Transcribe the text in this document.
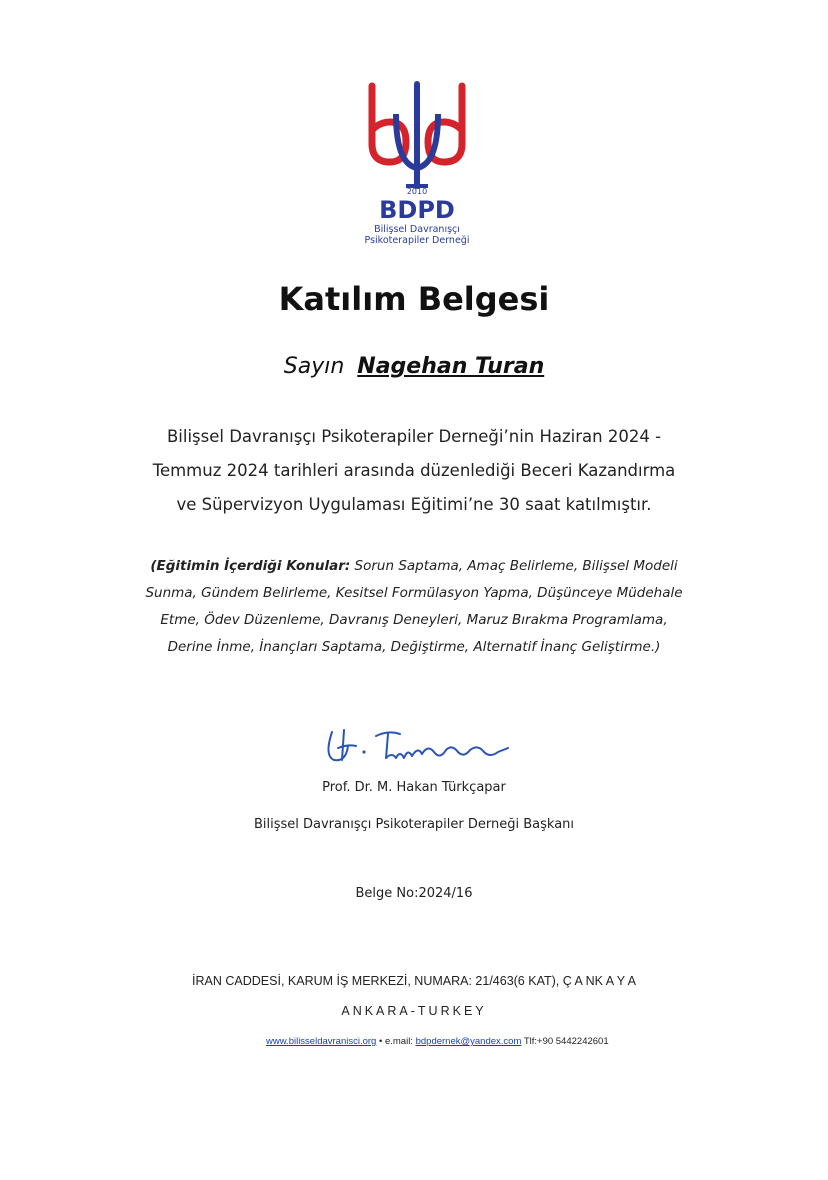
2010
BDPD
Bilişsel Davranışçı
Psikoterapiler Derneği
Katılım Belgesi
Sayın Nagehan Turan
Bilişsel Davranışçı Psikoterapiler Derneği’nin Haziran 2024 -
Temmuz 2024 tarihleri arasında düzenlediği Beceri Kazandırma
ve Süpervizyon Uygulaması Eğitimi’ne 30 saat katılmıştır.
(Eğitimin İçerdiği Konular: Sorun Saptama, Amaç Belirleme, Bilişsel Modeli
Sunma, Gündem Belirleme, Kesitsel Formülasyon Yapma, Düşünceye Müdehale
Etme, Ödev Düzenleme, Davranış Deneyleri, Maruz Bırakma Programlama,
Derine İnme, İnançları Saptama, Değiştirme, Alternatif İnanç Geliştirme.)
Prof. Dr. M. Hakan Türkçapar
Bilişsel Davranışçı Psikoterapiler Derneği Başkanı
Belge No:2024/16
İRAN CADDESİ, KARUM İŞ MERKEZİ, NUMARA: 21/463(6 KAT), Ç A NK A Y A
ANKARA-TURKEY
www.bilisseldavranisci.org • e.mail: bdpdernek@yandex.com Tlf:+90 5442242601
